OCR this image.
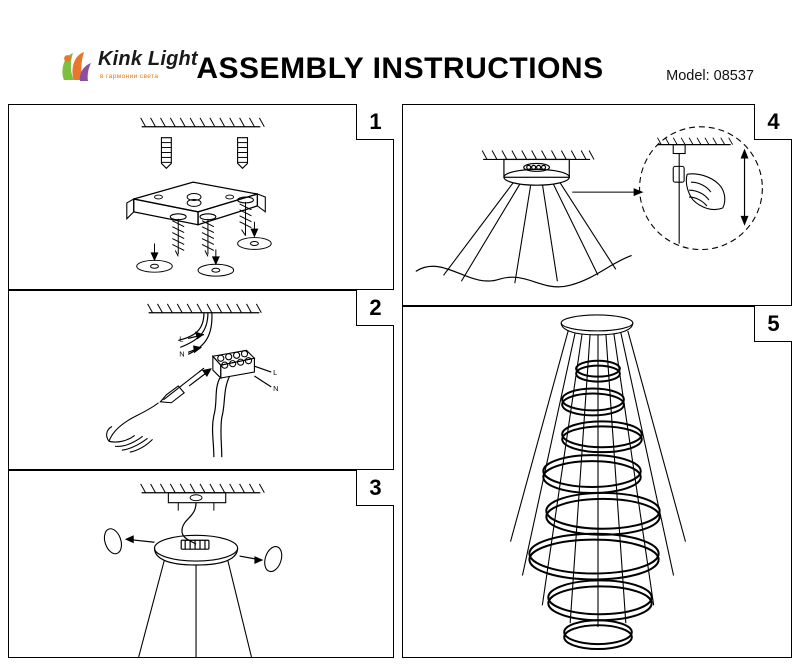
Kink Light
в гармонии света	ASSEMBLY INSTRUCTIONS	Model: 08537
1
2
L
N
L
N
3
4
5
